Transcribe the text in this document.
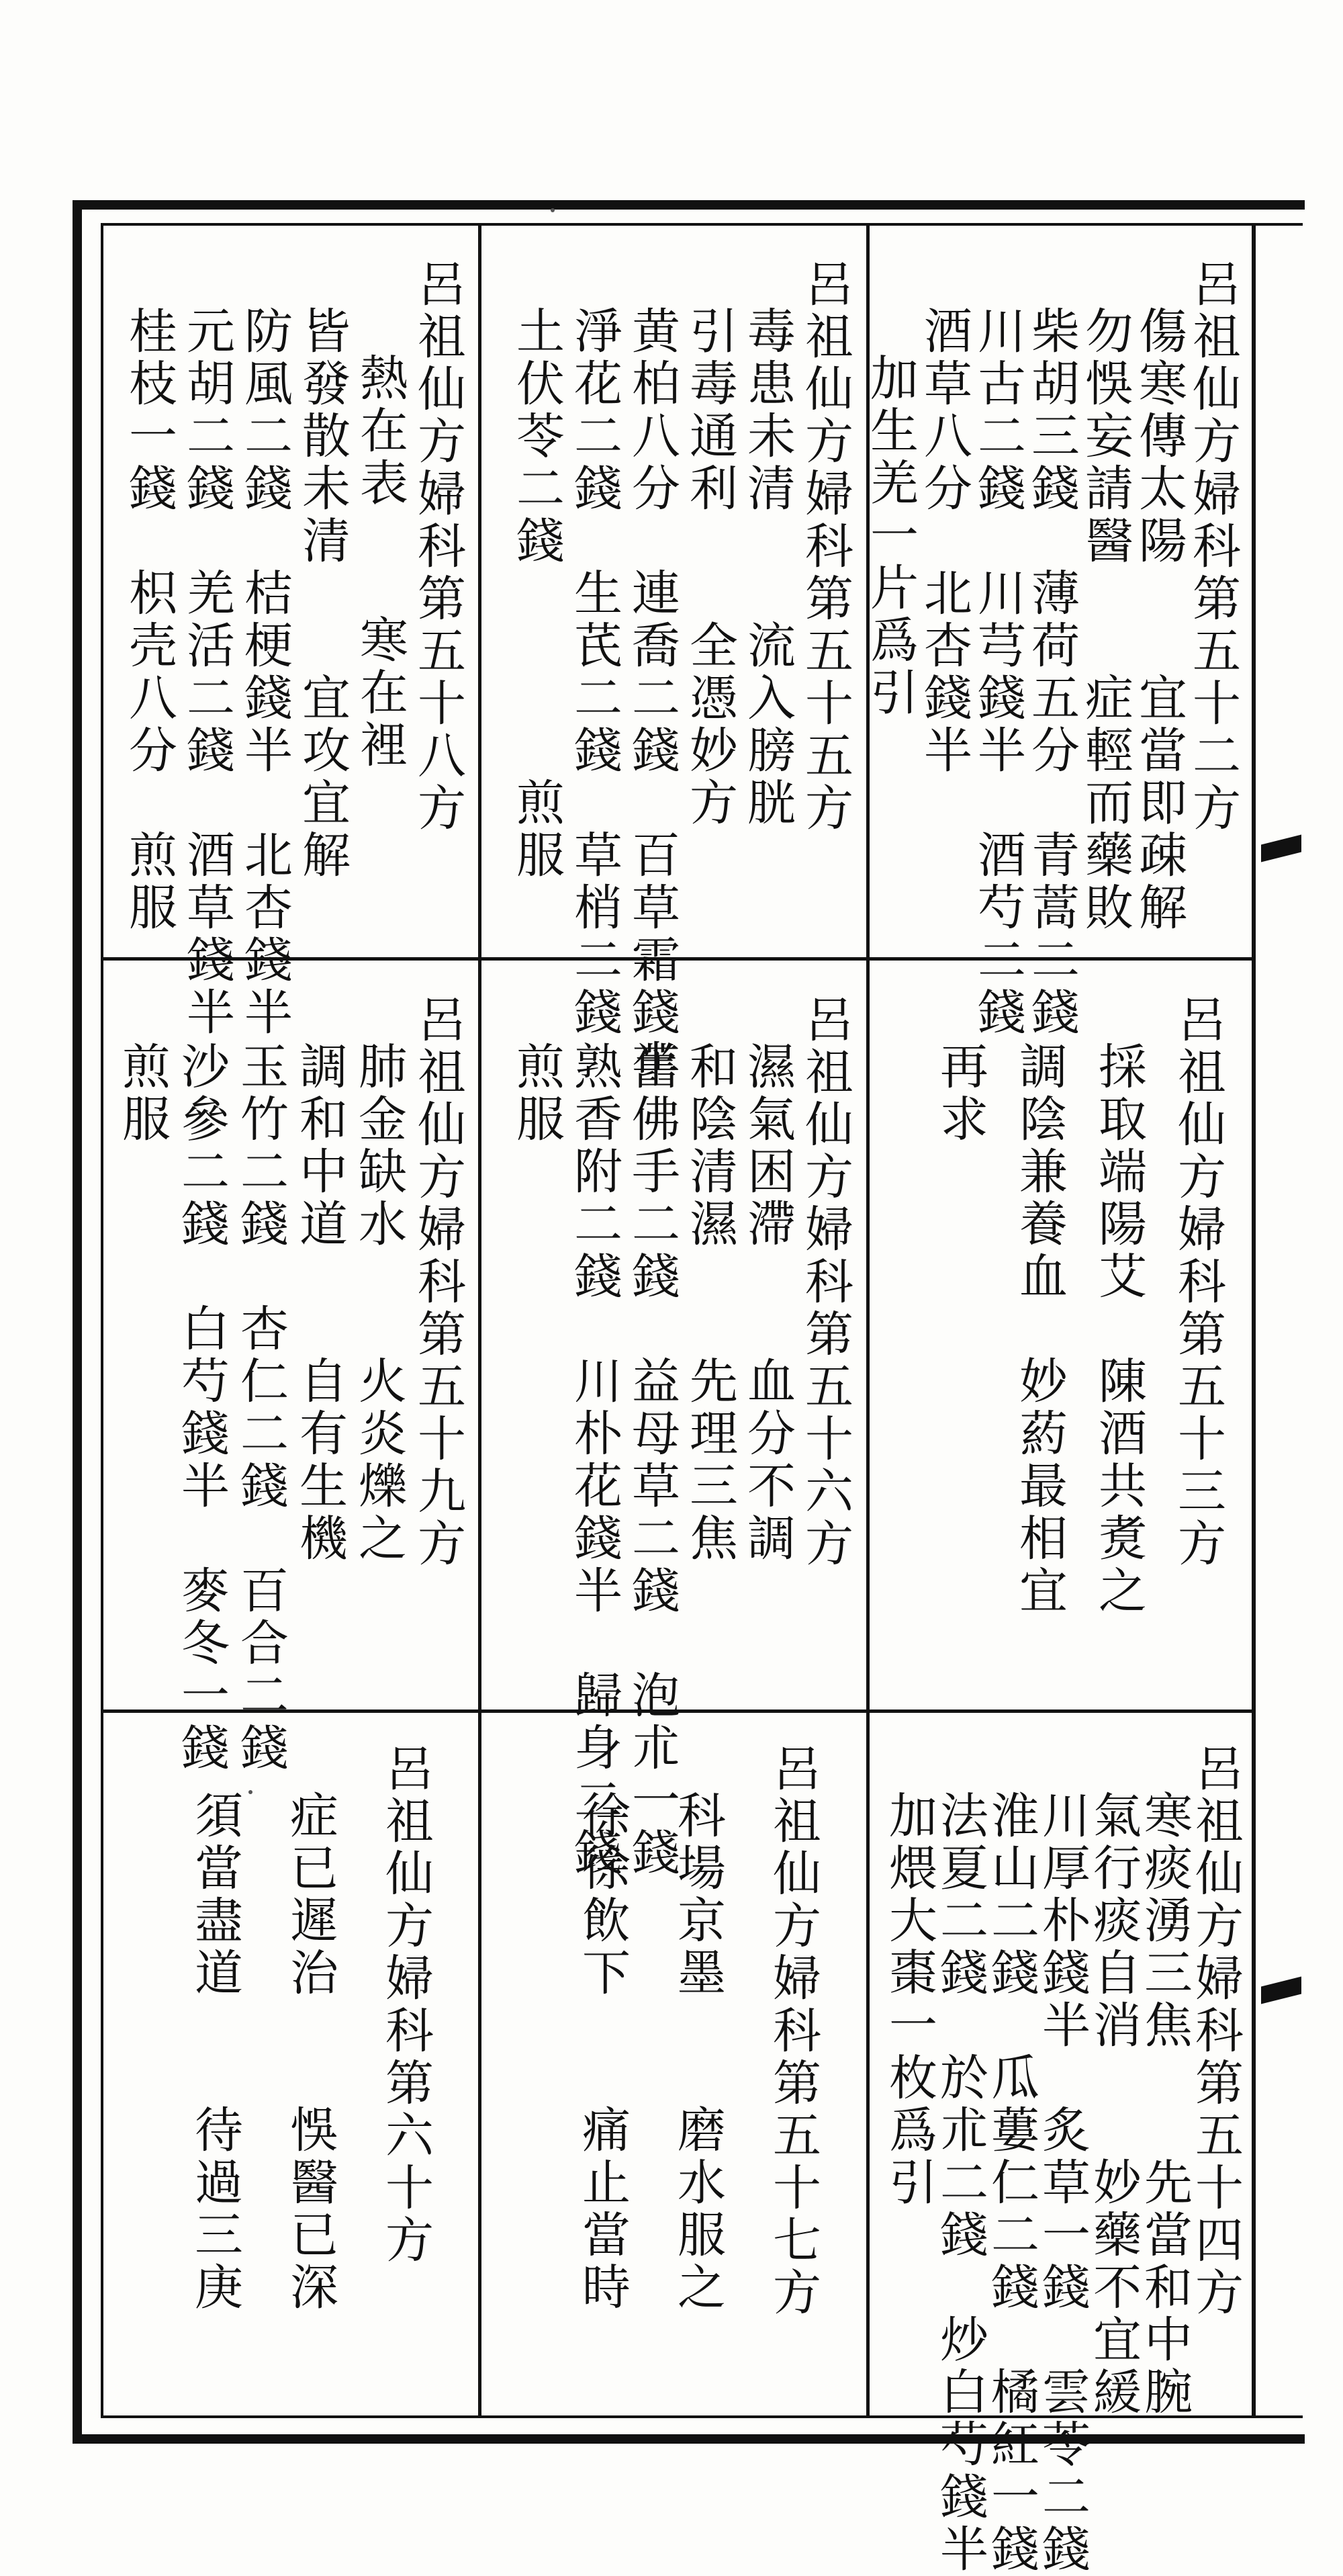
呂祖仙方婦科第五十二方
傷寒傳太陽　　宜當即疎解
勿悞妄請醫　　症輕而藥敗
柴胡三錢　薄荷五分　青蒿二錢
川古二錢　川芎錢半　酒芍二錢
酒草八分　北杏錢半
加生羌一片爲引
呂祖仙方婦科第五十五方
毒患未清　　流入膀胱
引毒通利　　全憑妙方
黄柏八分　連喬二錢　百草霜錢半
淨花二錢　生芪二錢　草梢二錢
土伏苓二錢　　　　煎服
呂祖仙方婦科第五十八方
熱在表　　寒在裡
皆發散未清　　宜攻宜解
防風二錢　桔梗錢半　北杏錢半
元胡二錢　羌活二錢　酒草錢半
桂枝一錢　枳壳八分　煎服
呂祖仙方婦科第五十三方
採取端陽艾　陳酒共煑之
調陰兼養血　妙葯最相宜
再求
呂祖仙方婦科第五十六方
濕氣困滯　　血分不調
和陰清濕　　先理三焦
舊佛手二錢　益母草二錢　泡朮一錢
熟香附二錢　川朴花錢半　歸身二錢
煎服
呂祖仙方婦科第五十九方
肺金缺水　　火炎爍之
調和中道　　自有生機
玉竹二錢　杏仁二錢　百合二錢
沙參二錢　白芍錢半　麥冬一錢
煎服
呂祖仙方婦科第五十四方
寒痰湧三焦　　先當和中腕
氣行痰自消　　妙藥不宜緩
川厚朴錢半　炙草一錢　雲苓二錢
淮山二錢　瓜蔞仁二錢　橘紅一錢
法夏二錢　於朮二錢　炒白芍錢半
加煨大棗一枚爲引
呂祖仙方婦科第五十七方
科場京墨　　磨水服之
徐徐飲下　　痛止當時
呂祖仙方婦科第六十方
症已遲治　　悞醫已深
須當盡道　　待過三庚
